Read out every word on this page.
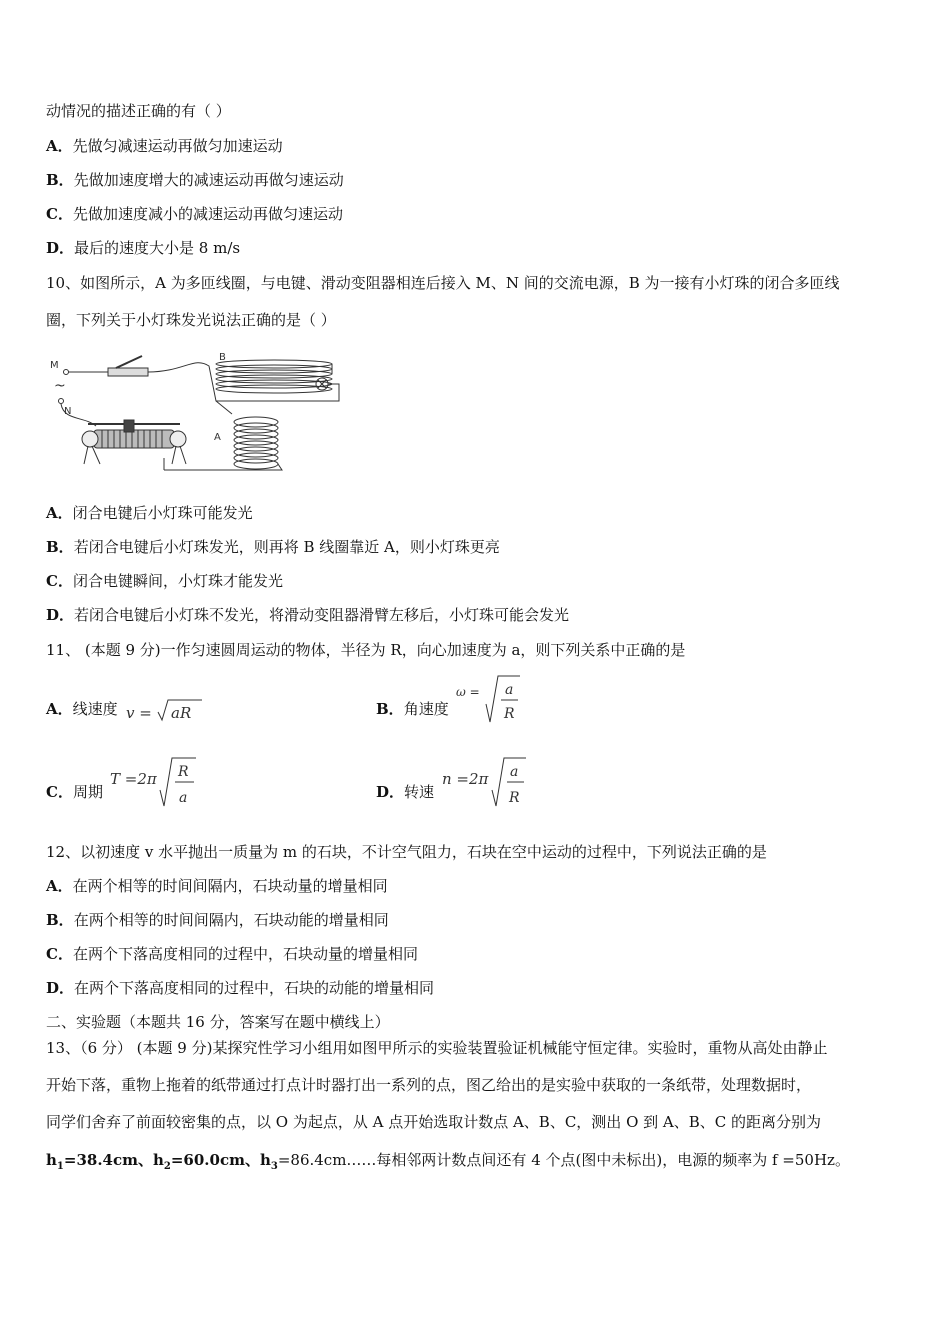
动情况的描述正确的有（ ）
A．先做匀减速运动再做匀加速运动
B．先做加速度增大的减速运动再做匀速运动
C．先做加速度减小的减速运动再做匀速运动
D．最后的速度大小是 8 m/s
10、如图所示，A 为多匝线圈，与电键、滑动变阻器相连后接入 M、N 间的交流电源，B 为一接有小灯珠的闭合多匝线
圈，下列关于小灯珠发光说法正确的是（ ）
M
~
N
B
A
A．闭合电键后小灯珠可能发光
B．若闭合电键后小灯珠发光，则再将 B 线圈靠近 A，则小灯珠更亮
C．闭合电键瞬间，小灯珠才能发光
D．若闭合电键后小灯珠不发光，将滑动变阻器滑臂左移后，小灯珠可能会发光
11、 (本题 9 分)一作匀速圆周运动的物体，半径为 R，向心加速度为 a，则下列关系中正确的是
A．线速度 v = aR	B．角速度
ω = a
R
C．周期
T =2π R
a	D．转速
n =2π a
R
12、以初速度 v 水平抛出一质量为 m 的石块，不计空气阻力，石块在空中运动的过程中，下列说法正确的是
A．在两个相等的时间间隔内，石块动量的增量相同
B．在两个相等的时间间隔内，石块动能的增量相同
C．在两个下落高度相同的过程中，石块动量的增量相同
D．在两个下落高度相同的过程中，石块的动能的增量相同
二、实验题（本题共 16 分，答案写在题中横线上）
13、（6 分） (本题 9 分)某探究性学习小组用如图甲所示的实验装置验证机械能守恒定律。实验时，重物从高处由静止
开始下落，重物上拖着的纸带通过打点计时器打出一系列的点，图乙给出的是实验中获取的一条纸带，处理数据时，
同学们舍弃了前面较密集的点，以 O 为起点，从 A 点开始选取计数点 A、B、C，测出 O 到 A、B、C 的距离分别为
$h_1=38.4cm$、$h_2=60.0cm$、$h_3=86.4cm\dots\dots$每相邻两计数点间还有 4 个点(图中未标出)，电源的频率为 f =50Hz。
